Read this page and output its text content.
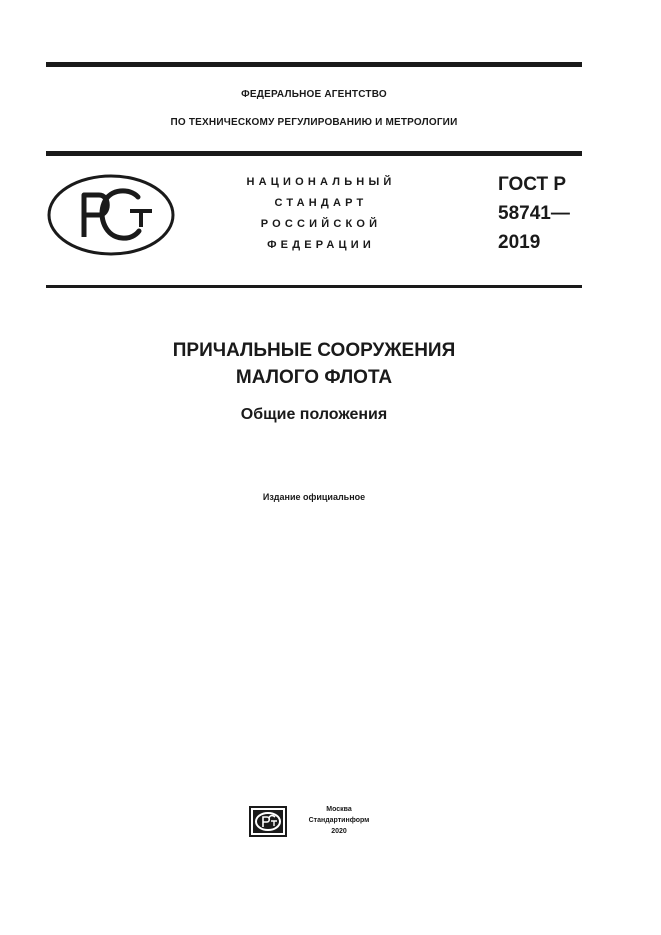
ФЕДЕРАЛЬНОЕ АГЕНТСТВО
ПО ТЕХНИЧЕСКОМУ РЕГУЛИРОВАНИЮ И МЕТРОЛОГИИ
НАЦИОНАЛЬНЫЙ
СТАНДАРТ
РОССИЙСКОЙ
ФЕДЕРАЦИИ
ГОСТ Р
58741—
2019
ПРИЧАЛЬНЫЕ СООРУЖЕНИЯ
МАЛОГО ФЛОТА
Общие положения
Издание официальное
Москва
Стандартинформ
2020
